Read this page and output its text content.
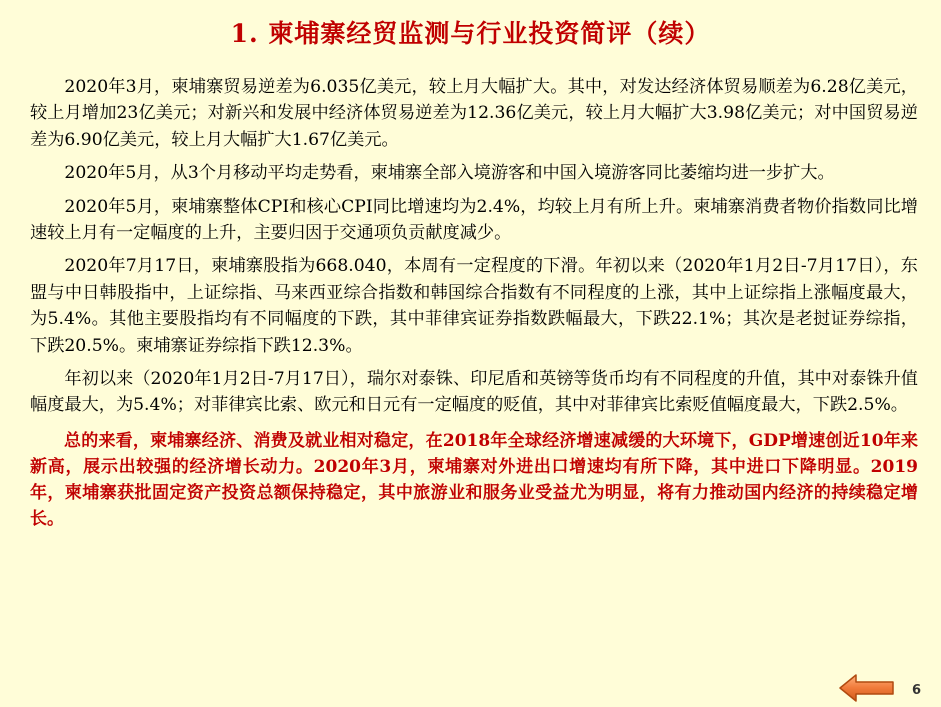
1. 柬埔寨经贸监测与行业投资简评（续）

2020年3月，柬埔寨贸易逆差为6.035亿美元，较上月大幅扩大。其中，对发达经济体贸易顺差为6.28亿美元，较上月增加23亿美元；对新兴和发展中经济体贸易逆差为12.36亿美元，较上月大幅扩大3.98亿美元；对中国贸易逆差为6.90亿美元，较上月大幅扩大1.67亿美元。

2020年5月，从3个月移动平均走势看，柬埔寨全部入境游客和中国入境游客同比萎缩均进一步扩大。

2020年5月，柬埔寨整体CPI和核心CPI同比增速均为2.4%，均较上月有所上升。柬埔寨消费者物价指数同比增速较上月有一定幅度的上升，主要归因于交通项负贡献度减少。

2020年7月17日，柬埔寨股指为668.040，本周有一定程度的下滑。年初以来（2020年1月2日-7月17日），东盟与中日韩股指中，上证综指、马来西亚综合指数和韩国综合指数有不同程度的上涨，其中上证综指上涨幅度最大，为5.4%。其他主要股指均有不同幅度的下跌，其中菲律宾证券指数跌幅最大，下跌22.1%；其次是老挝证券综指，下跌20.5%。柬埔寨证券综指下跌12.3%。

年初以来（2020年1月2日-7月17日），瑞尔对泰铢、印尼盾和英镑等货币均有不同程度的升值，其中对泰铢升值幅度最大，为5.4%；对菲律宾比索、欧元和日元有一定幅度的贬值，其中对菲律宾比索贬值幅度最大，下跌2.5%。

总的来看，柬埔寨经济、消费及就业相对稳定，在2018年全球经济增速减缓的大环境下，GDP增速创近10年来新高，展示出较强的经济增长动力。2020年3月，柬埔寨对外进出口增速均有所下降，其中进口下降明显。2019年，柬埔寨获批固定资产投资总额保持稳定，其中旅游业和服务业受益尤为明显，将有力推动国内经济的持续稳定增长。

6
